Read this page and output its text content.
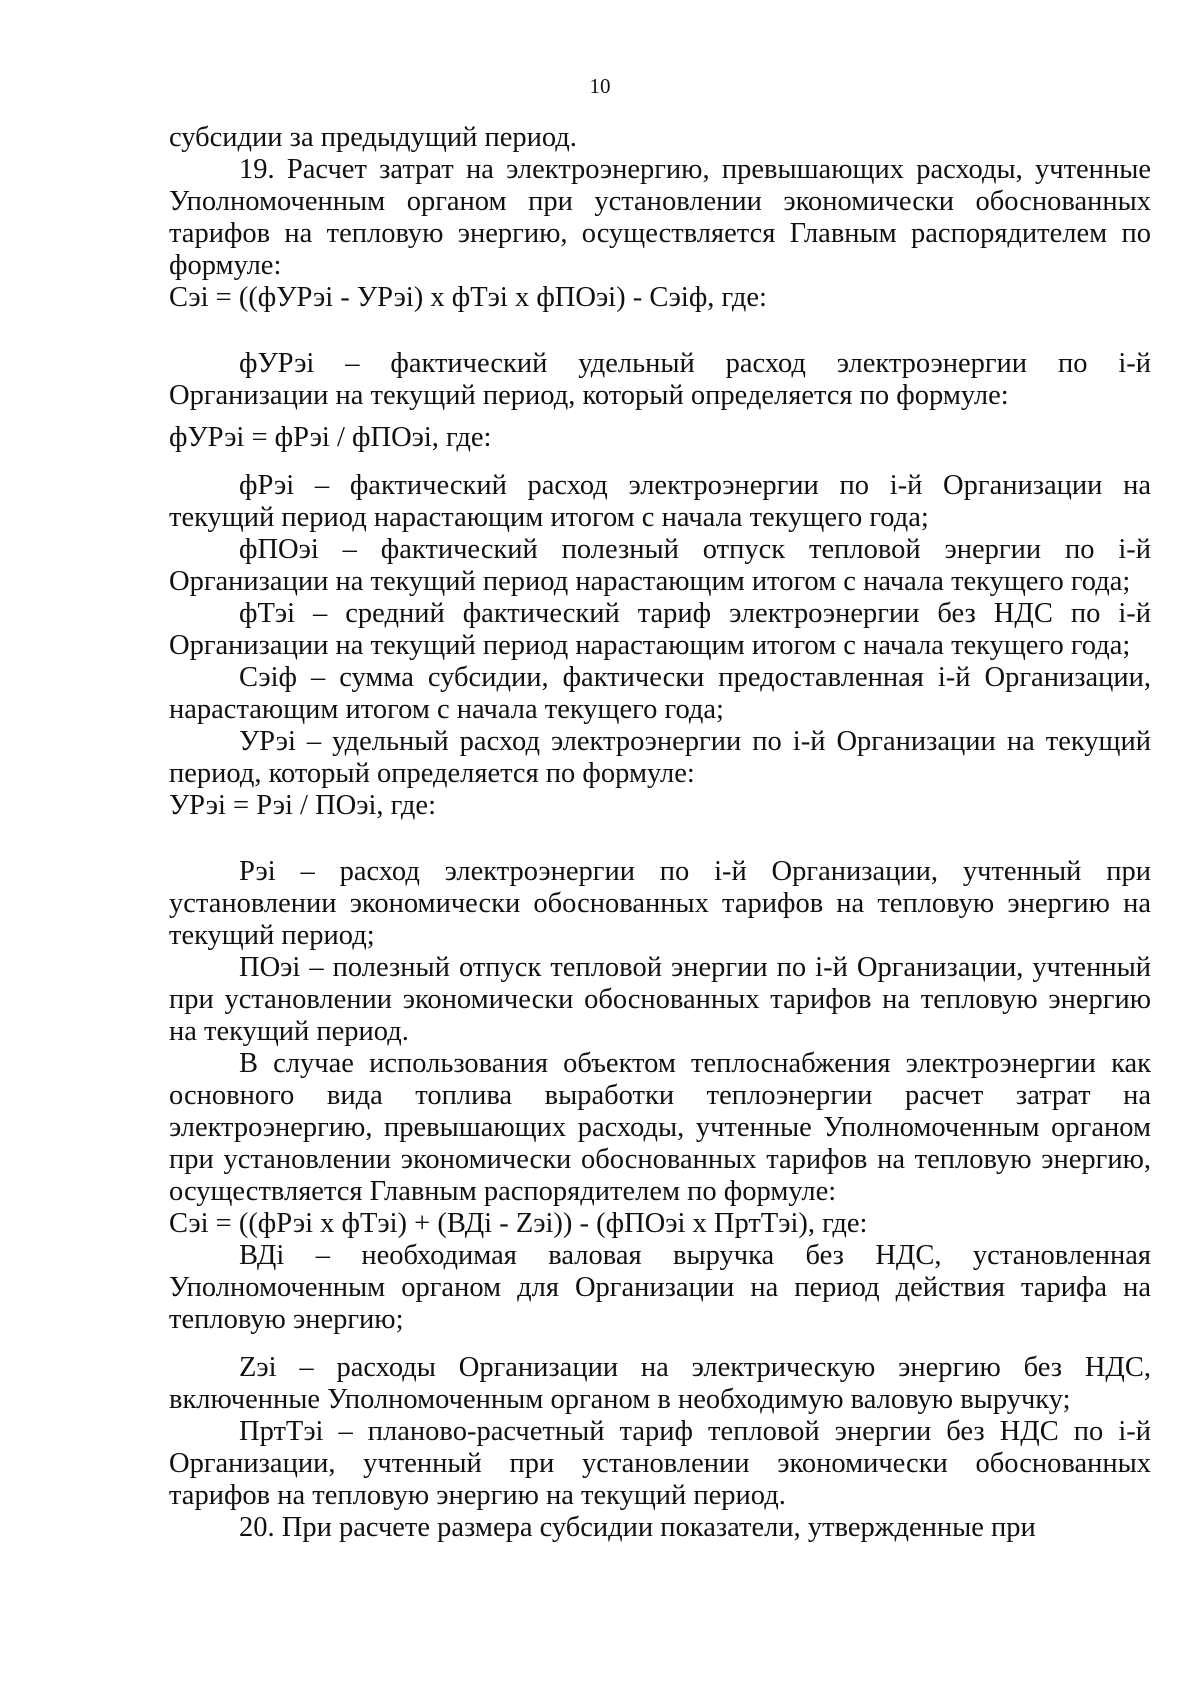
10

субсидии за предыдущий период.

19. Расчет затрат на электроэнергию, превышающих расходы, учтенные Уполномоченным органом при установлении экономически обоснованных тарифов на тепловую энергию, осуществляется Главным распорядителем по формуле:

Сэi = ((фУРэi - УРэi) x фТэi x фПОэi) - Сэiф, где:

фУРэi – фактический удельный расход электроэнергии по i-й Организации на текущий период, который определяется по формуле:

фУРэi = фРэi / фПОэi, где:

фРэi – фактический расход электроэнергии по i-й Организации на текущий период нарастающим итогом с начала текущего года;

фПОэi – фактический полезный отпуск тепловой энергии по i-й Организации на текущий период нарастающим итогом с начала текущего года;

фТэi – средний фактический тариф электроэнергии без НДС по i-й Организации на текущий период нарастающим итогом с начала текущего года;

Сэiф – сумма субсидии, фактически предоставленная i-й Организации, нарастающим итогом с начала текущего года;

УРэi – удельный расход электроэнергии по i-й Организации на текущий период, который определяется по формуле:

УРэi = Рэi / ПОэi, где:

Рэi – расход электроэнергии по i-й Организации, учтенный при установлении экономически обоснованных тарифов на тепловую энергию на текущий период;

ПОэi – полезный отпуск тепловой энергии по i-й Организации, учтенный при установлении экономически обоснованных тарифов на тепловую энергию на текущий период.

В случае использования объектом теплоснабжения электроэнергии как основного вида топлива выработки теплоэнергии расчет затрат на электроэнергию, превышающих расходы, учтенные Уполномоченным органом при установлении экономически обоснованных тарифов на тепловую энергию, осуществляется Главным распорядителем по формуле:

Сэi = ((фРэi x фТэi) + (ВДi - Zэi)) - (фПОэi x ПртТэi), где:

ВДi – необходимая валовая выручка без НДС, установленная Уполномоченным органом для Организации на период действия тарифа на тепловую энергию;

Zэi – расходы Организации на электрическую энергию без НДС, включенные Уполномоченным органом в необходимую валовую выручку;

ПртТэi – планово-расчетный тариф тепловой энергии без НДС по i-й Организации, учтенный при установлении экономически обоснованных тарифов на тепловую энергию на текущий период.

20. При расчете размера субсидии показатели, утвержденные при
